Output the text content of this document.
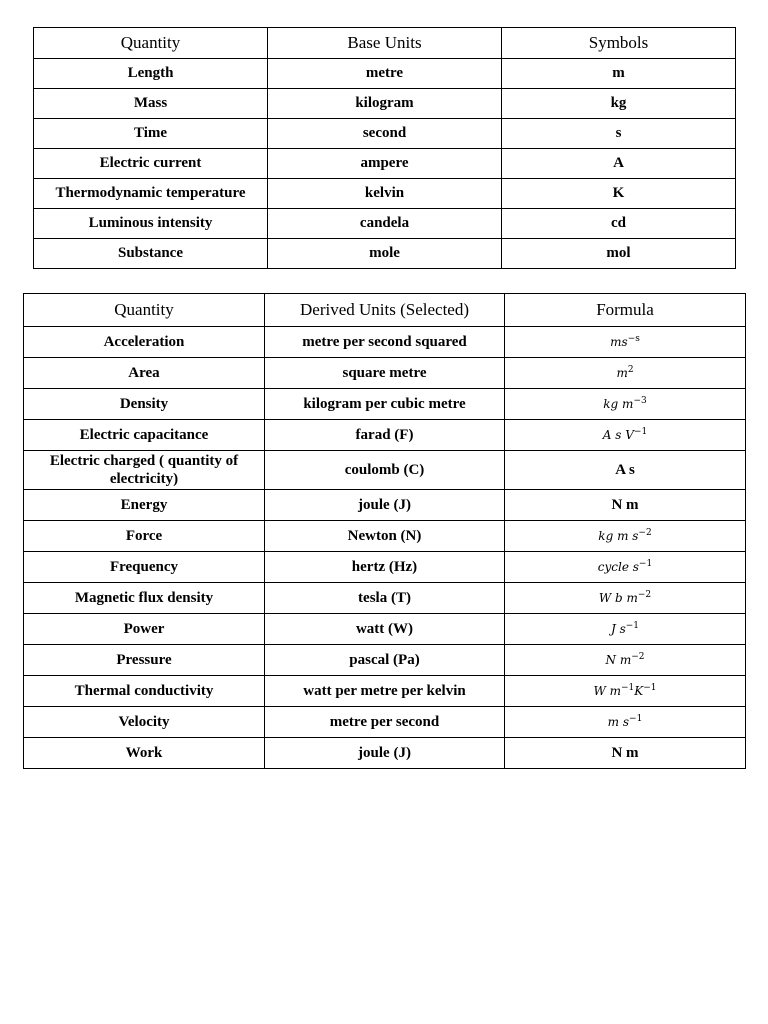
Quantity	Base Units	Symbols
Length	metre	m
Mass	kilogram	kg
Time	second	s
Electric current	ampere	A
Thermodynamic temperature	kelvin	K
Luminous intensity	candela	cd
Substance	mole	mol
Quantity	Derived Units (Selected)	Formula
Acceleration	metre per second squared	$ms^{-s}$
Area	square metre	$m^2$
Density	kilogram per cubic metre	kg $m^{-3}$
Electric capacitance	farad (F)	A s $V^{-1}$
Electric charged ( quantity of electricity)	coulomb (C)	A s
Energy	joule (J)	N m
Force	Newton (N)	kg m $s^{-2}$
Frequency	hertz (Hz)	cycle $s^{-1}$
Magnetic flux density	tesla (T)	W b $m^{-2}$
Power	watt (W)	J $s^{-1}$
Pressure	pascal (Pa)	N $m^{-2}$
Thermal conductivity	watt per metre per kelvin	W $m^{-1}K^{-1}$
Velocity	metre per second	m $s^{-1}$
Work	joule (J)	N m
